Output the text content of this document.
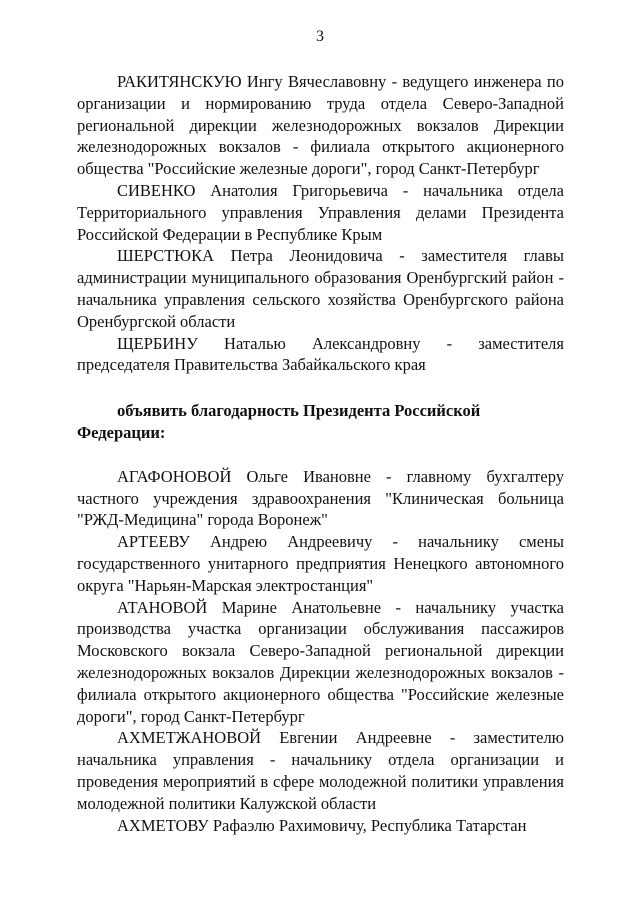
3

РАКИТЯНСКУЮ Ингу Вячеславовну - ведущего инженера по организации и нормированию труда отдела Северо-Западной региональной дирекции железнодорожных вокзалов Дирекции железнодорожных вокзалов - филиала открытого акционерного общества "Российские железные дороги", город Санкт-Петербург

СИВЕНКО Анатолия Григорьевича - начальника отдела Территориального управления Управления делами Президента Российской Федерации в Республике Крым

ШЕРСТЮКА Петра Леонидовича - заместителя главы администрации муниципального образования Оренбургский район - начальника управления сельского хозяйства Оренбургского района Оренбургской области

ЩЕРБИНУ Наталью Александровну - заместителя председателя Правительства Забайкальского края

объявить благодарность Президента Российской Федерации:

АГАФОНОВОЙ Ольге Ивановне - главному бухгалтеру частного учреждения здравоохранения "Клиническая больница "РЖД-Медицина" города Воронеж"

АРТЕЕВУ Андрею Андреевичу - начальнику смены государственного унитарного предприятия Ненецкого автономного округа "Нарьян-Марская электростанция"

АТАНОВОЙ Марине Анатольевне - начальнику участка производства участка организации обслуживания пассажиров Московского вокзала Северо-Западной региональной дирекции железнодорожных вокзалов Дирекции железнодорожных вокзалов - филиала открытого акционерного общества "Российские железные дороги", город Санкт-Петербург

АХМЕТЖАНОВОЙ Евгении Андреевне - заместителю начальника управления - начальнику отдела организации и проведения мероприятий в сфере молодежной политики управления молодежной политики Калужской области

АХМЕТОВУ Рафаэлю Рахимовичу, Республика Татарстан
